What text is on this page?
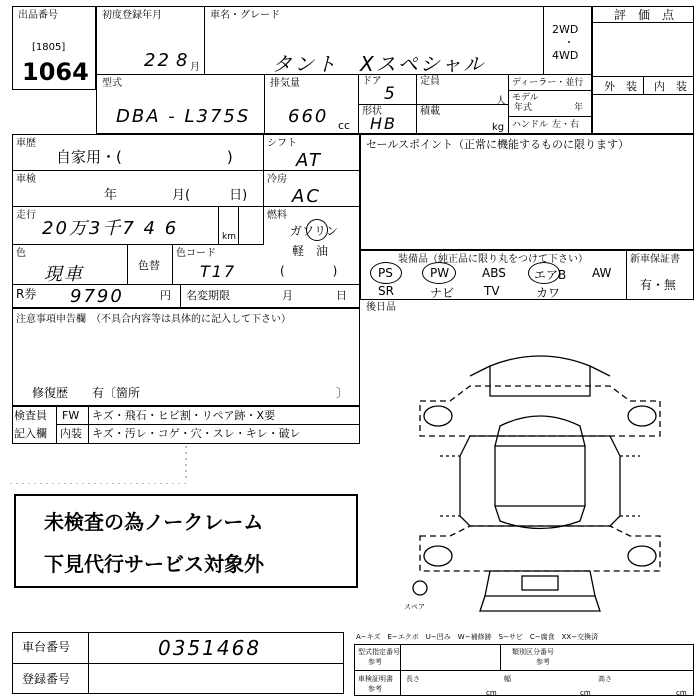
出品番号
[1805]
1064
初度登録年月
22 8 月
車名・グレード
タント　Xスペシャル
2WD
・
4WD
評　価　点
外　装 内　装
型式
DBA - L375S
排気量
660 cc
ドア
5
定員
人
形状
HB
積載
kg
ディーラー・並行
モデル
年式	年
ハンドル 左・右
車歴
自家用・(　　　　　　　)
シフト
AT
セールスポイント（正常に機能するものに限ります）
車検
年	月(　　　日)
冷房
AC
走行
20万3千7 4 6	km
燃料
ガソリン
軽　油
(　　　　)
色
現車	色替
色コード
T17
装備品（純正品に限り丸をつけて下さい）	新車保証書
有・無
PS	PW	ABS エアB AW
SR	ナビ TV	カワ
後日品
R券 9790	円 名変期限	月	日
注意事項申告欄　（不具合内容等は具体的に記入して下さい）
修復歴　　有〔箇所	〕
検査員
記入欄
FW キズ・飛石・ヒビ割・リペア跡・X要
内装 キズ・汚レ・コゲ・穴・スレ・キレ・破レ
未検査の為ノークレーム
下見代行サービス対象外
スペア
車台番号	0351468
登録番号
A−キズ　E−エクボ　U−凹み　W−補修跡　S−サビ　C−腐食　XX−交換済
型式指定番号
参考
類別区分番号
参考
車検証明書
参考
長さ	幅	高さ
cm	cm	cm
